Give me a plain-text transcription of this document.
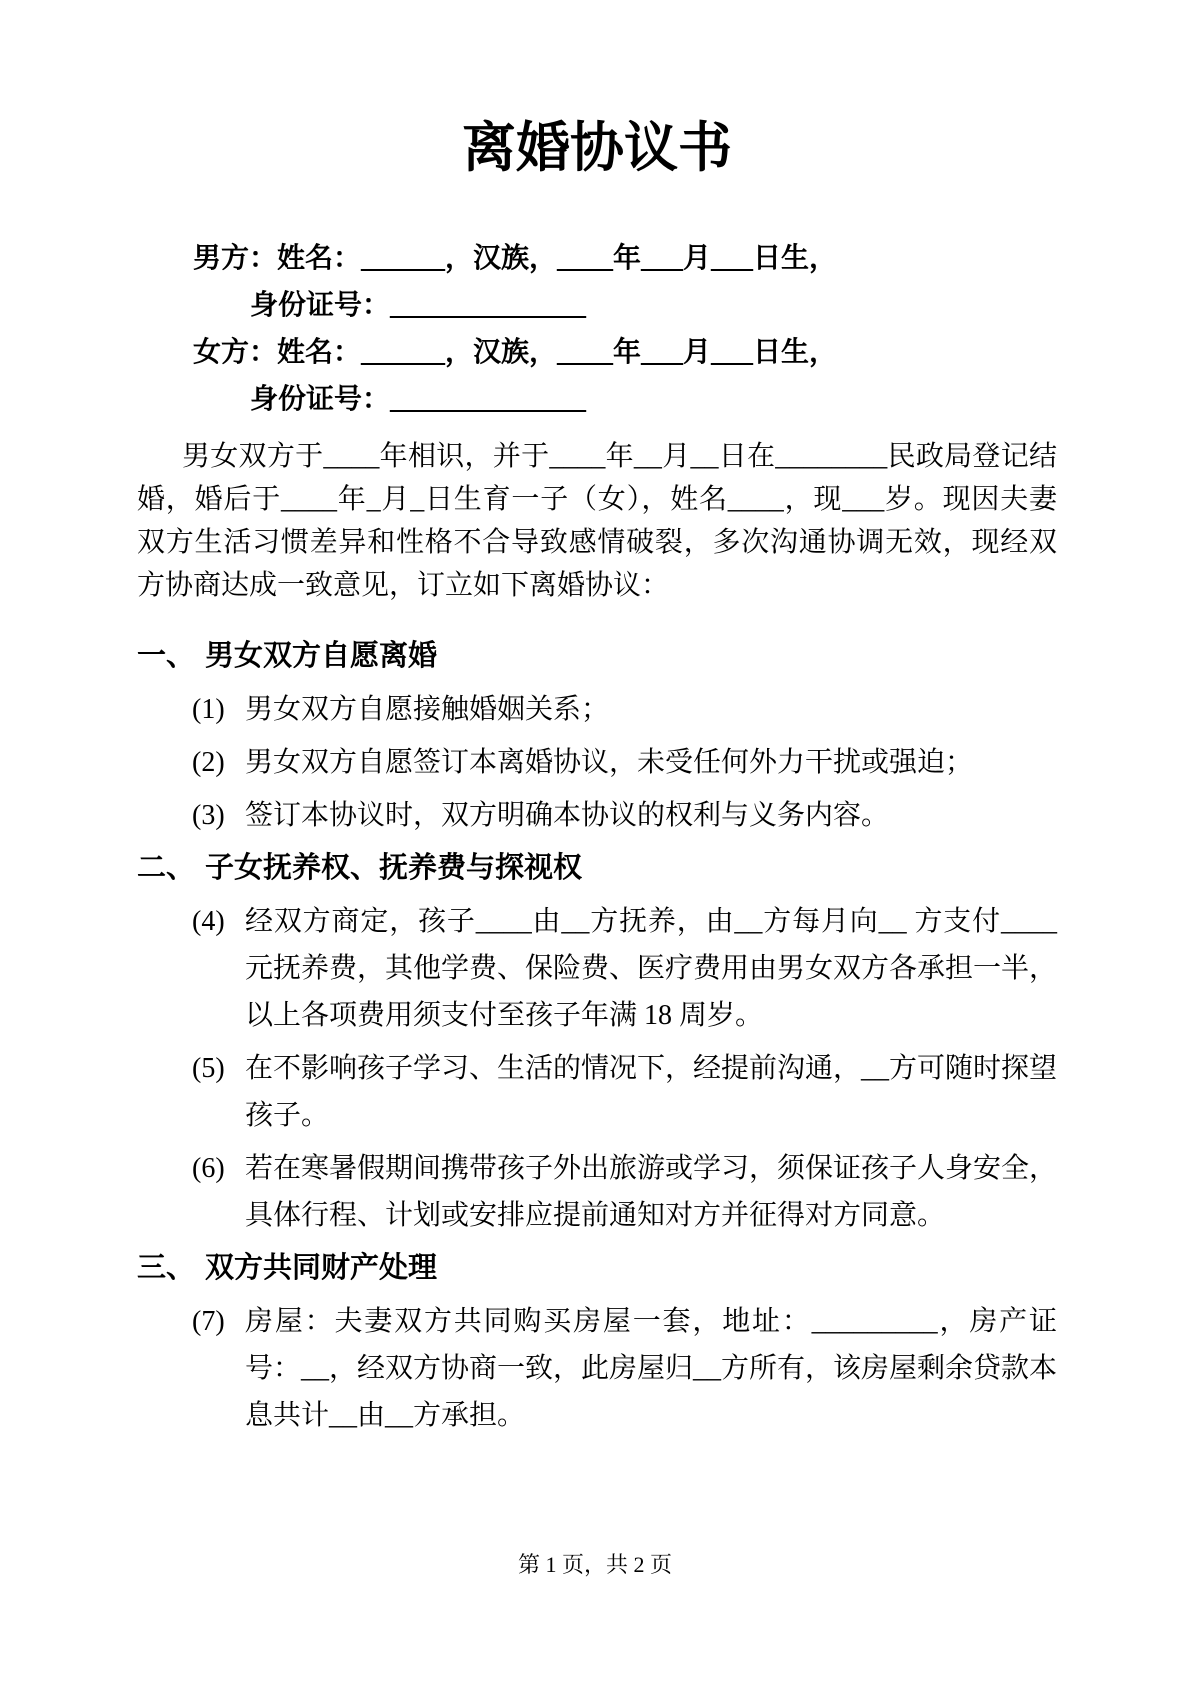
离婚协议书
男方：姓名：______，汉族，____年___月___日生，
身份证号：______________
女方：姓名：______，汉族，____年___月___日生，
身份证号：______________
男女双方于____年相识，并于____年__月__日在________民政局登记结婚，婚后于____年_月_日生育一子（女），姓名____，现___岁。现因夫妻双方生活习惯差异和性格不合导致感情破裂，多次沟通协调无效，现经双方协商达成一致意见，订立如下离婚协议：
一、 男女双方自愿离婚
(1) 男女双方自愿接触婚姻关系；
(2) 男女双方自愿签订本离婚协议，未受任何外力干扰或强迫；
(3) 签订本协议时，双方明确本协议的权利与义务内容。
二、 子女抚养权、抚养费与探视权
(4) 经双方商定，孩子____由__方抚养，由__方每月向__ 方支付____元抚养费，其他学费、保险费、医疗费用由男女双方各承担一半，以上各项费用须支付至孩子年满 18 周岁。
(5) 在不影响孩子学习、生活的情况下，经提前沟通，__方可随时探望孩子。
(6) 若在寒暑假期间携带孩子外出旅游或学习，须保证孩子人身安全，具体行程、计划或安排应提前通知对方并征得对方同意。
三、 双方共同财产处理
(7) 房屋：夫妻双方共同购买房屋一套，地址：_________，房产证号：__，经双方协商一致，此房屋归__方所有，该房屋剩余贷款本息共计__由__方承担。
第 1 页，共 2 页
